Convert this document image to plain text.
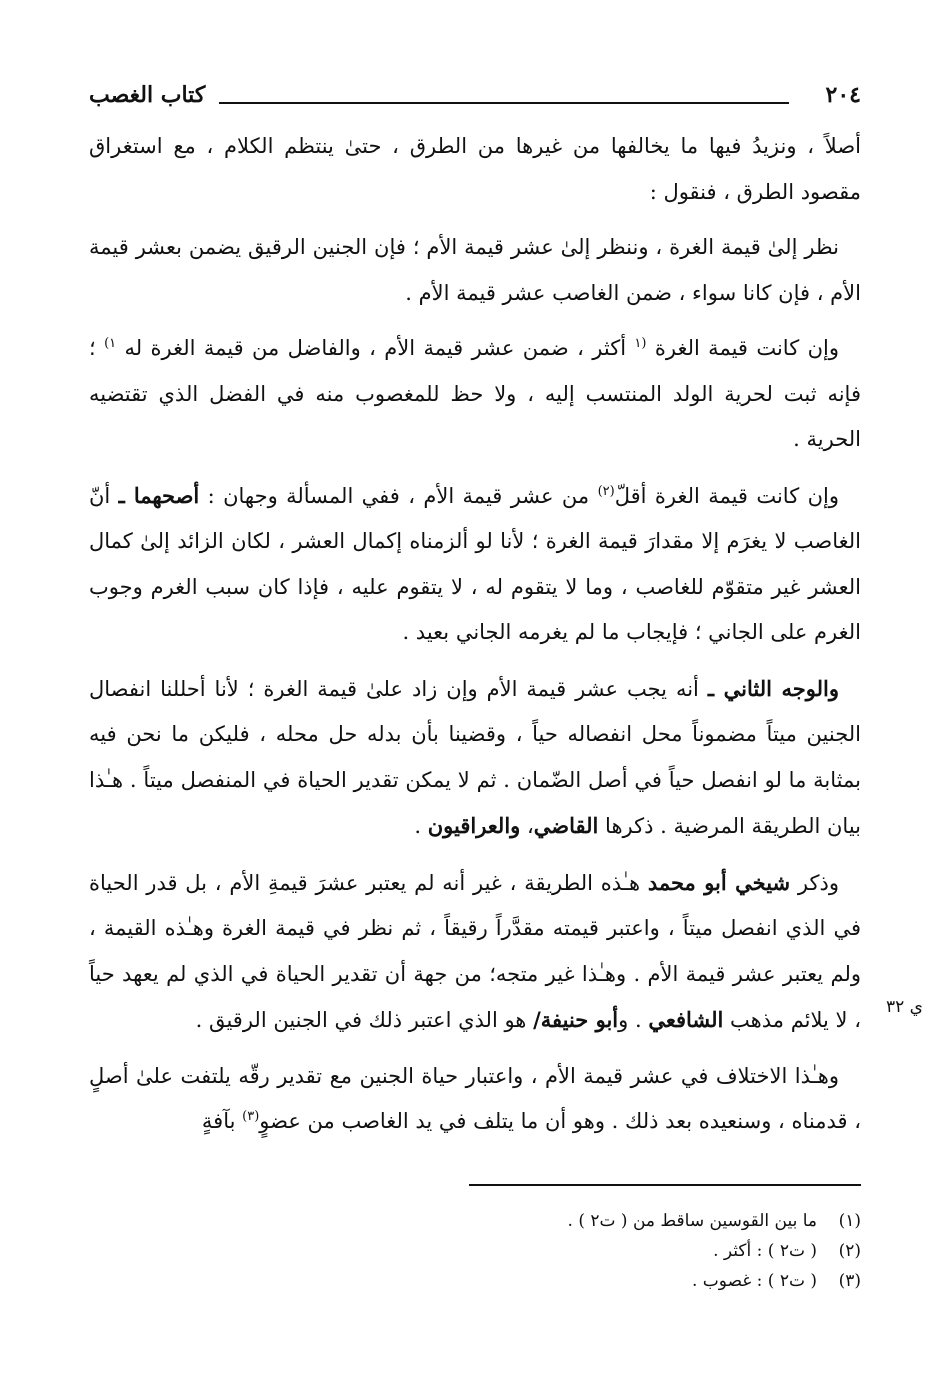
٢٠٤
كتاب الغصب

أصلاً ، ونزيدُ فيها ما يخالفها من غيرها من الطرق ، حتىٰ ينتظم الكلام ، مع استغراق مقصود الطرق ، فنقول :

نظر إلىٰ قيمة الغرة ، وننظر إلىٰ عشر قيمة الأم ؛ فإن الجنين الرقيق يضمن بعشر قيمة الأم ، فإن كانا سواء ، ضمن الغاصب عشر قيمة الأم .

وإن كانت قيمة الغرة $^{(١}$ أكثر ، ضمن عشر قيمة الأم ، والفاضل من قيمة الغرة له $^{١)}$ ؛ فإنه ثبت لحرية الولد المنتسب إليه ، ولا حظ للمغصوب منه في الفضل الذي تقتضيه الحرية .

وإن كانت قيمة الغرة أقلّ$^{(٢)}$ من عشر قيمة الأم ، ففي المسألة وجهان : أصحهما ـ أنّ الغاصب لا يغرَم إلا مقدارَ قيمة الغرة ؛ لأنا لو ألزمناه إكمال العشر ، لكان الزائد إلىٰ كمال العشر غير متقوّم للغاصب ، وما لا يتقوم له ، لا يتقوم عليه ، فإذا كان سبب الغرم وجوب الغرم على الجاني ؛ فإيجاب ما لم يغرمه الجاني بعيد .

والوجه الثاني ـ أنه يجب عشر قيمة الأم وإن زاد علىٰ قيمة الغرة ؛ لأنا أحللنا انفصال الجنين ميتاً مضموناً محل انفصاله حياً ، وقضينا بأن بدله حل محله ، فليكن ما نحن فيه بمثابة ما لو انفصل حياً في أصل الضّمان . ثم لا يمكن تقدير الحياة في المنفصل ميتاً . هـٰذا بيان الطريقة المرضية . ذكرها القاضي، والعراقيون .

وذكر شيخي أبو محمد هـٰذه الطريقة ، غير أنه لم يعتبر عشرَ قيمةِ الأم ، بل قدر الحياة في الذي انفصل ميتاً ، واعتبر قيمته مقدَّراً رقيقاً ، ثم نظر في قيمة الغرة وهـٰذه القيمة ، ولم يعتبر عشر قيمة الأم . وهـٰذا غير متجه؛ من جهة أن تقدير الحياة في الذي لم يعهد حياً ، لا يلائم مذهب الشافعي . وأبو حنيفة/ هو الذي اعتبر ذلك في الجنين الرقيق .

وهـٰذا الاختلاف في عشر قيمة الأم ، واعتبار حياة الجنين مع تقدير رقّه يلتفت علىٰ أصلٍ ، قدمناه ، وسنعيده بعد ذلك . وهو أن ما يتلف في يد الغاصب من عضوٍ$^{(٣)}$ بآفةٍ

ي ٣٢
(١)
ما بين القوسين ساقط من ( ت٢ ) .
(٢)
( ت٢ ) : أكثر .
(٣)
( ت٢ ) : غصوب .
